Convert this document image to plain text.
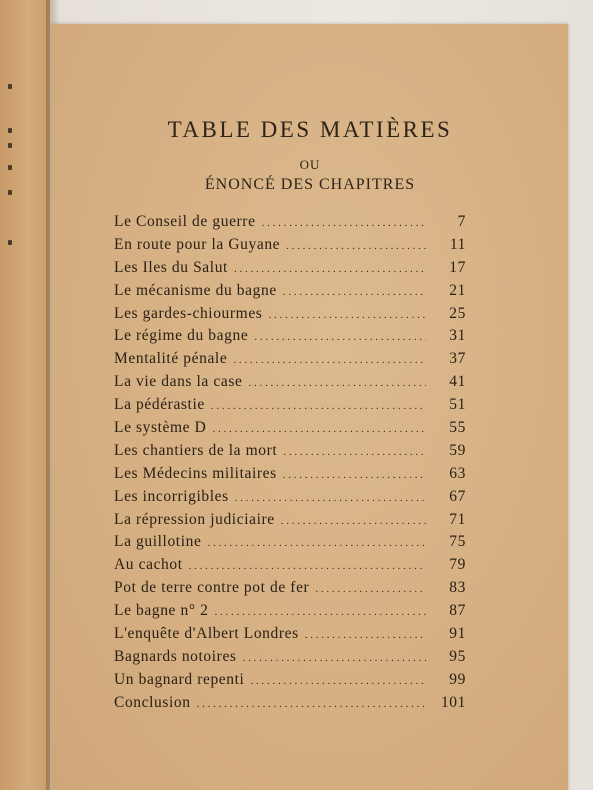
TABLE DES MATIÈRES
OU
ÉNONCÉ DES CHAPITRES
Le Conseil de guerre . . .	7
En route pour la Guyane . . .	11
Les Iles du Salut . . .	17
Le mécanisme du bagne . . .	21
Les gardes-chiourmes . . .	25
Le régime du bagne . . .	31
Mentalité pénale . . .	37
La vie dans la case . . .	41
La pédérastie . . .	51
Le système D . . .	55
Les chantiers de la mort . . .	59
Les Médecins militaires . . .	63
Les incorrigibles . . .	67
La répression judiciaire . . .	71
La guillotine . . .	75
Au cachot . . .	79
Pot de terre contre pot de fer . . .	83
Le bagne n° 2 . . .	87
L'enquête d'Albert Londres . . .	91
Bagnards notoires . . .	95
Un bagnard repenti . . .	99
Conclusion . . .	101
